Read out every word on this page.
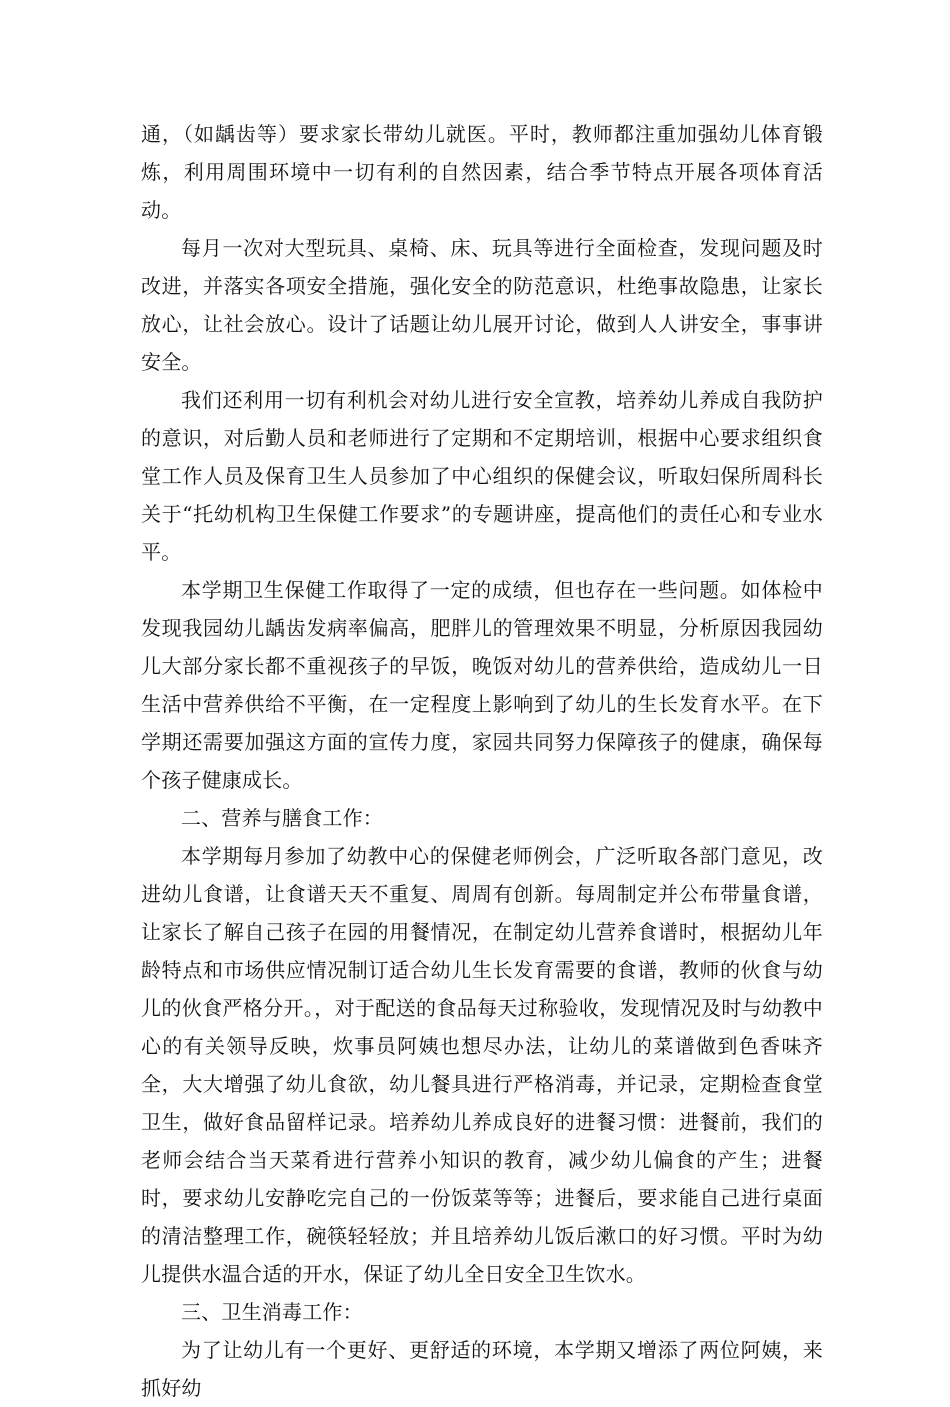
通，（如龋齿等）要求家长带幼儿就医。平时，教师都注重加强幼儿体育锻炼，利用周围环境中一切有利的自然因素，结合季节特点开展各项体育活动。

每月一次对大型玩具、桌椅、床、玩具等进行全面检查，发现问题及时改进，并落实各项安全措施，强化安全的防范意识，杜绝事故隐患，让家长放心，让社会放心。设计了话题让幼儿展开讨论，做到人人讲安全，事事讲安全。

我们还利用一切有利机会对幼儿进行安全宣教，培养幼儿养成自我防护的意识，对后勤人员和老师进行了定期和不定期培训，根据中心要求组织食堂工作人员及保育卫生人员参加了中心组织的保健会议，听取妇保所周科长关于“托幼机构卫生保健工作要求”的专题讲座，提高他们的责任心和专业水平。

本学期卫生保健工作取得了一定的成绩，但也存在一些问题。如体检中发现我园幼儿龋齿发病率偏高，肥胖儿的管理效果不明显，分析原因我园幼儿大部分家长都不重视孩子的早饭，晚饭对幼儿的营养供给，造成幼儿一日生活中营养供给不平衡，在一定程度上影响到了幼儿的生长发育水平。在下学期还需要加强这方面的宣传力度，家园共同努力保障孩子的健康，确保每个孩子健康成长。

二、营养与膳食工作：

本学期每月参加了幼教中心的保健老师例会，广泛听取各部门意见，改进幼儿食谱，让食谱天天不重复、周周有创新。每周制定并公布带量食谱，让家长了解自己孩子在园的用餐情况，在制定幼儿营养食谱时，根据幼儿年龄特点和市场供应情况制订适合幼儿生长发育需要的食谱，教师的伙食与幼儿的伙食严格分开。，对于配送的食品每天过称验收，发现情况及时与幼教中心的有关领导反映，炊事员阿姨也想尽办法，让幼儿的菜谱做到色香味齐全，大大增强了幼儿食欲，幼儿餐具进行严格消毒，并记录，定期检查食堂卫生，做好食品留样记录。培养幼儿养成良好的进餐习惯：进餐前，我们的老师会结合当天菜肴进行营养小知识的教育，减少幼儿偏食的产生；进餐时，要求幼儿安静吃完自己的一份饭菜等等；进餐后，要求能自己进行桌面的清洁整理工作，碗筷轻轻放；并且培养幼儿饭后漱口的好习惯。平时为幼儿提供水温合适的开水，保证了幼儿全日安全卫生饮水。

三、卫生消毒工作：

为了让幼儿有一个更好、更舒适的环境，本学期又增添了两位阿姨，来抓好幼
